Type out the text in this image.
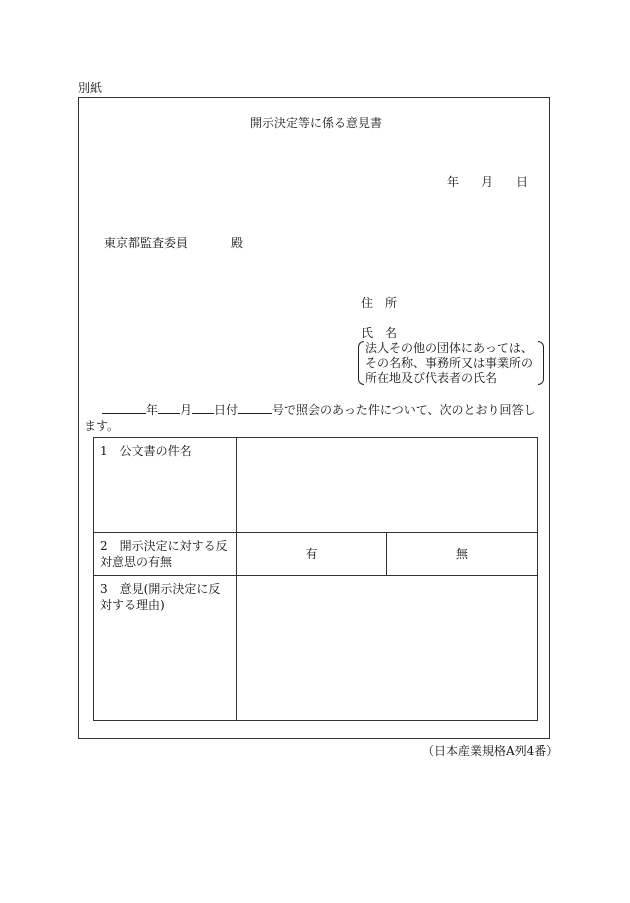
別紙
開示決定等に係る意見書
年 月 日
東京都監査委員	殿
住　所
氏　名
法人その他の団体にあっては、その名称、事務所又は事業所の所在地及び代表者の氏名
年 月 日付	号で照会のあった件について、次のとおり回答します。
1　公文書の件名		
2　開示決定に対する反対意思の有無	有	無
3　意見(開示決定に反対する理由)		
（日本産業規格A列4番）
